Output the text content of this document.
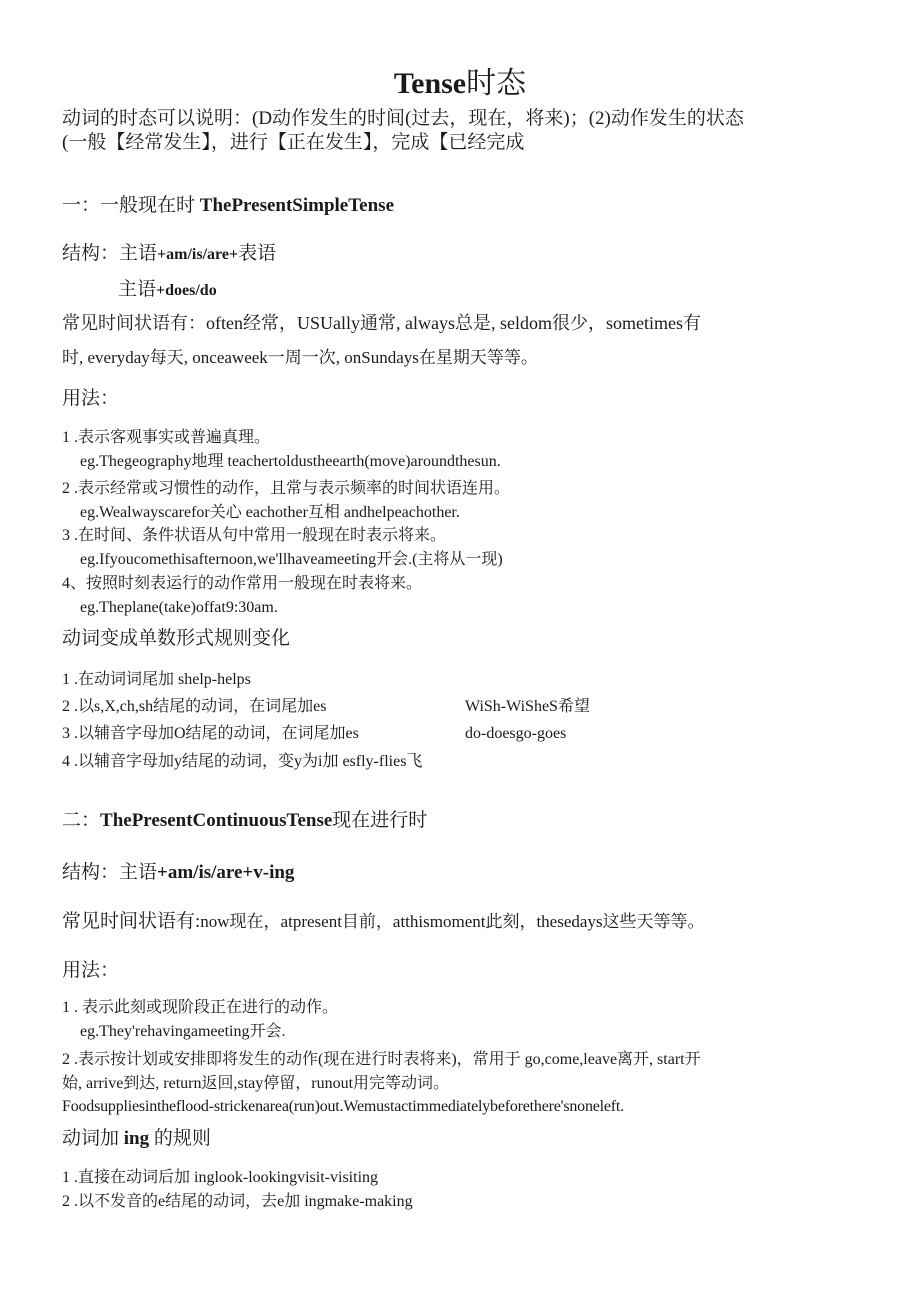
Tense时态
动词的时态可以说明：(D动作发生的时间(过去，现在，将来)；(2)动作发生的状态
(一般【经常发生】，进行【正在发生】，完成【已经完成
一：一般现在时 ThePresentSimpleTense
结构：主语+am/is/are+表语
主语+does/do
常见时间状语有：often经常，USUally通常, always总是, seldom很少，sometimes有
时, everyday每天, onceaweek一周一次, onSundays在星期天等等。
用法：
1 .表示客观事实或普遍真理。
eg.Thegeography地理 teachertoldustheearth(move)aroundthesun.
2 .表示经常或习惯性的动作，且常与表示频率的时间状语连用。
eg.Wealwayscarefor关心 eachother互相 andhelpeachother.
3 .在时间、条件状语从句中常用一般现在时表示将来。
eg.Ifyoucomethisafternoon,we'llhaveameeting开会.(主将从一现)
4、按照时刻表运行的动作常用一般现在时表将来。
eg.Theplane(take)offat9:30am.
动词变成单数形式规则变化
1 .在动词词尾加 shelp-helps
2 .以s,X,ch,sh结尾的动词，在词尾加es	WiSh-WiSheS希望
3 .以辅音字母加O结尾的动词，在词尾加es	do-doesgo-goes
4 .以辅音字母加y结尾的动词，变y为i加 esfly-flies飞
二：ThePresentContinuousTense现在进行时
结构：主语+am/is/are+v-ing
常见时间状语有:now现在，atpresent目前，atthismoment此刻，thesedays这些天等等。
用法：
1 . 表示此刻或现阶段正在进行的动作。
eg.They'rehavingameeting开会.
2 .表示按计划或安排即将发生的动作(现在进行时表将来)，常用于 go,come,leave离开, start开
始, arrive到达, return返回,stay停留，runout用完等动词。
Foodsuppliesintheflood-strickenarea(run)out.Wemustactimmediatelybeforethere'snoneleft.
动词加 ing 的规则
1 .直接在动词后加 inglook-lookingvisit-visiting
2 .以不发音的e结尾的动词，去e加 ingmake-making
